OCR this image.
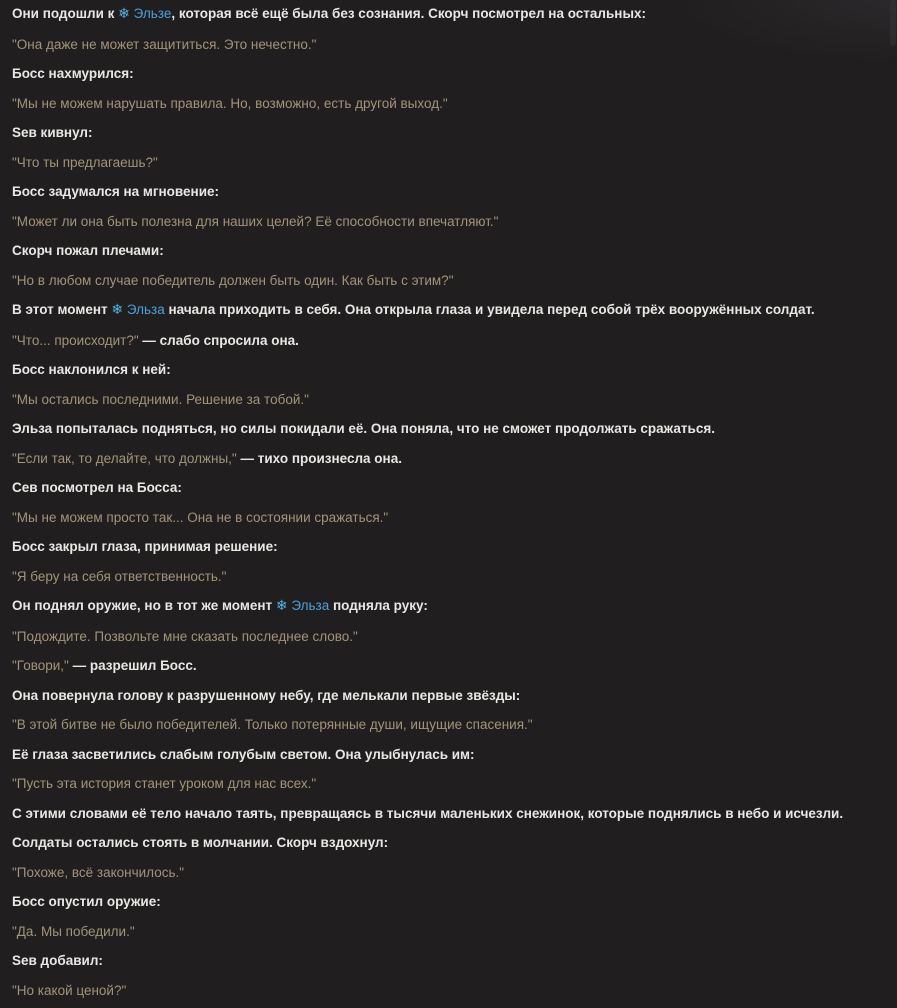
Они подошли к ❄ Эльзе, которая всё ещё была без сознания. Скорч посмотрел на остальных:

"Она даже не может защититься. Это нечестно."

Босс нахмурился:

"Мы не можем нарушать правила. Но, возможно, есть другой выход."

Ѕев кивнул:

"Что ты предлагаешь?"

Босс задумался на мгновение:

"Может ли она быть полезна для наших целей? Её способности впечатляют."

Скорч пожал плечами:

"Но в любом случае победитель должен быть один. Как быть с этим?"

В этот момент ❄ Эльза начала приходить в себя. Она открыла глаза и увидела перед собой трёх вооружённых солдат.

"Что... происходит?" — слабо спросила она.

Босс наклонился к ней:

"Мы остались последними. Решение за тобой."

Эльза попыталась подняться, но силы покидали её. Она поняла, что не сможет продолжать сражаться.

"Если так, то делайте, что должны," — тихо произнесла она.

Сев посмотрел на Босса:

"Мы не можем просто так... Она не в состоянии сражаться."

Босс закрыл глаза, принимая решение:

"Я беру на себя ответственность."

Он поднял оружие, но в тот же момент ❄ Эльза подняла руку:

"Подождите. Позвольте мне сказать последнее слово."

"Говори," — разрешил Босс.

Она повернула голову к разрушенному небу, где мелькали первые звёзды:

"В этой битве не было победителей. Только потерянные души, ищущие спасения."

Её глаза засветились слабым голубым светом. Она улыбнулась им:

"Пусть эта история станет уроком для нас всех."

С этими словами её тело начало таять, превращаясь в тысячи маленьких снежинок, которые поднялись в небо и исчезли.

Солдаты остались стоять в молчании. Скорч вздохнул:

"Похоже, всё закончилось."

Босс опустил оружие:

"Да. Мы победили."

Ѕев добавил:

"Но какой ценой?"
